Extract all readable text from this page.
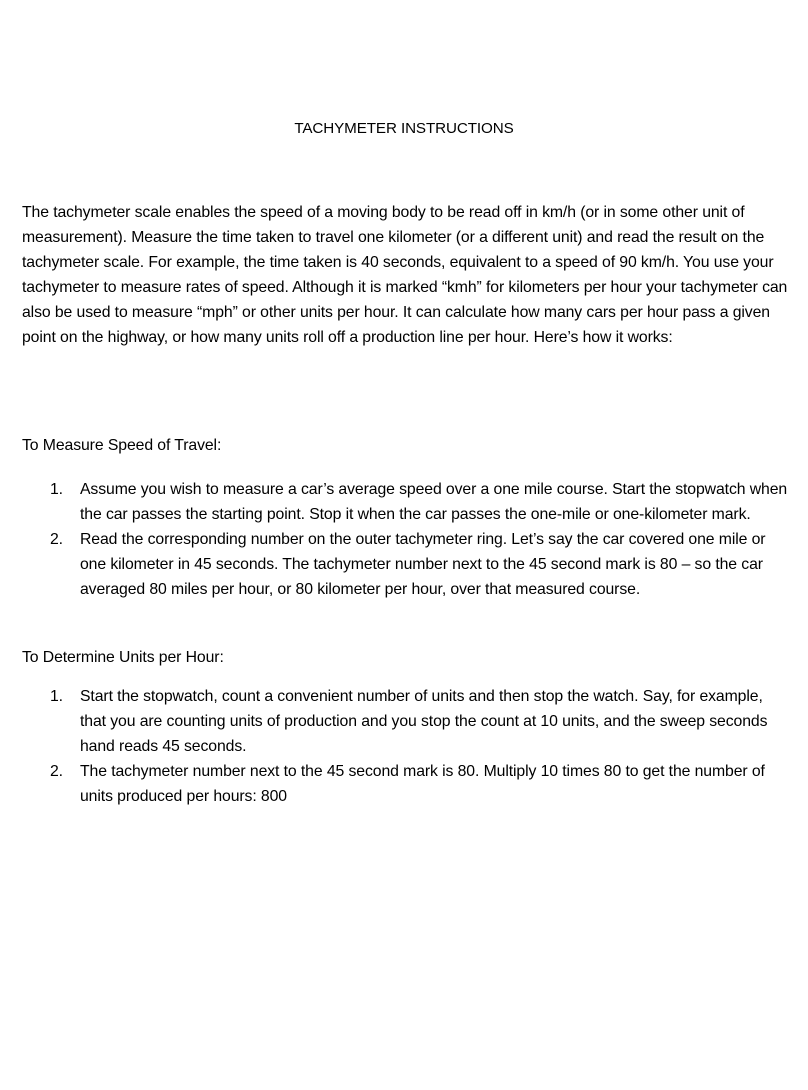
TACHYMETER INSTRUCTIONS

The tachymeter scale enables the speed of a moving body to be read off in km/h (or in some other unit of measurement). Measure the time taken to travel one kilometer (or a different unit) and read the result on the tachymeter scale. For example, the time taken is 40 seconds, equivalent to a speed of 90 km/h. You use your tachymeter to measure rates of speed. Although it is marked “kmh” for kilometers per hour your tachymeter can also be used to measure “mph” or other units per hour. It can calculate how many cars per hour pass a given point on the highway, or how many units roll off a production line per hour. Here’s how it works:

To Measure Speed of Travel:
1. Assume you wish to measure a car’s average speed over a one mile course. Start the stopwatch when the car passes the starting point. Stop it when the car passes the one-mile or one-kilometer mark.
2. Read the corresponding number on the outer tachymeter ring. Let’s say the car covered one mile or one kilometer in 45 seconds. The tachymeter number next to the 45 second mark is 80 – so the car averaged 80 miles per hour, or 80 kilometer per hour, over that measured course.
To Determine Units per Hour:
1. Start the stopwatch, count a convenient number of units and then stop the watch. Say, for example, that you are counting units of production and you stop the count at 10 units, and the sweep seconds hand reads 45 seconds.
2. The tachymeter number next to the 45 second mark is 80. Multiply 10 times 80 to get the number of units produced per hours: 800
